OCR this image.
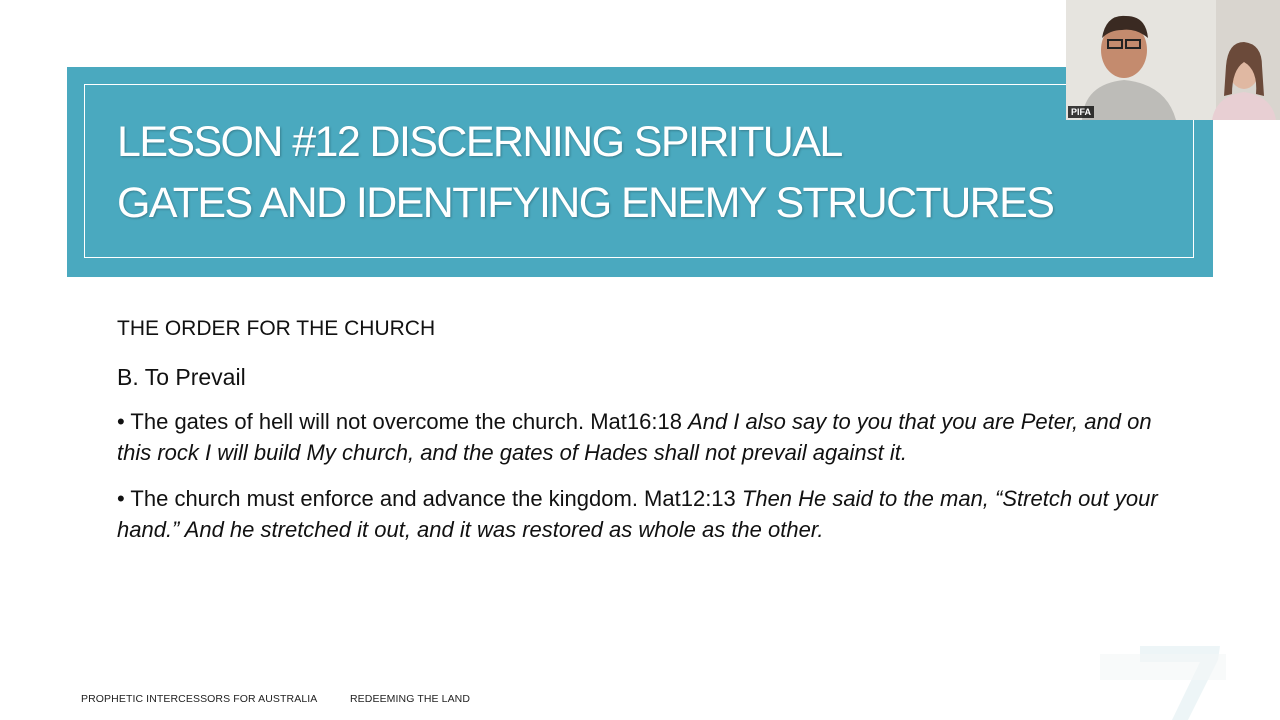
LESSON #12 DISCERNING SPIRITUAL
GATES AND IDENTIFYING ENEMY STRUCTURES
THE ORDER FOR THE CHURCH
B. To Prevail
• The gates of hell will not overcome the church. Mat16:18 And I also say to you that you are Peter, and on this rock I will build My church, and the gates of Hades shall not prevail against it.
• The church must enforce and advance the kingdom. Mat12:13 Then He said to the man, “Stretch out your hand.” And he stretched it out, and it was restored as whole as the other.
PROPHETIC INTERCESSORS FOR AUSTRALIA	REDEEMING THE LAND
PIFA
